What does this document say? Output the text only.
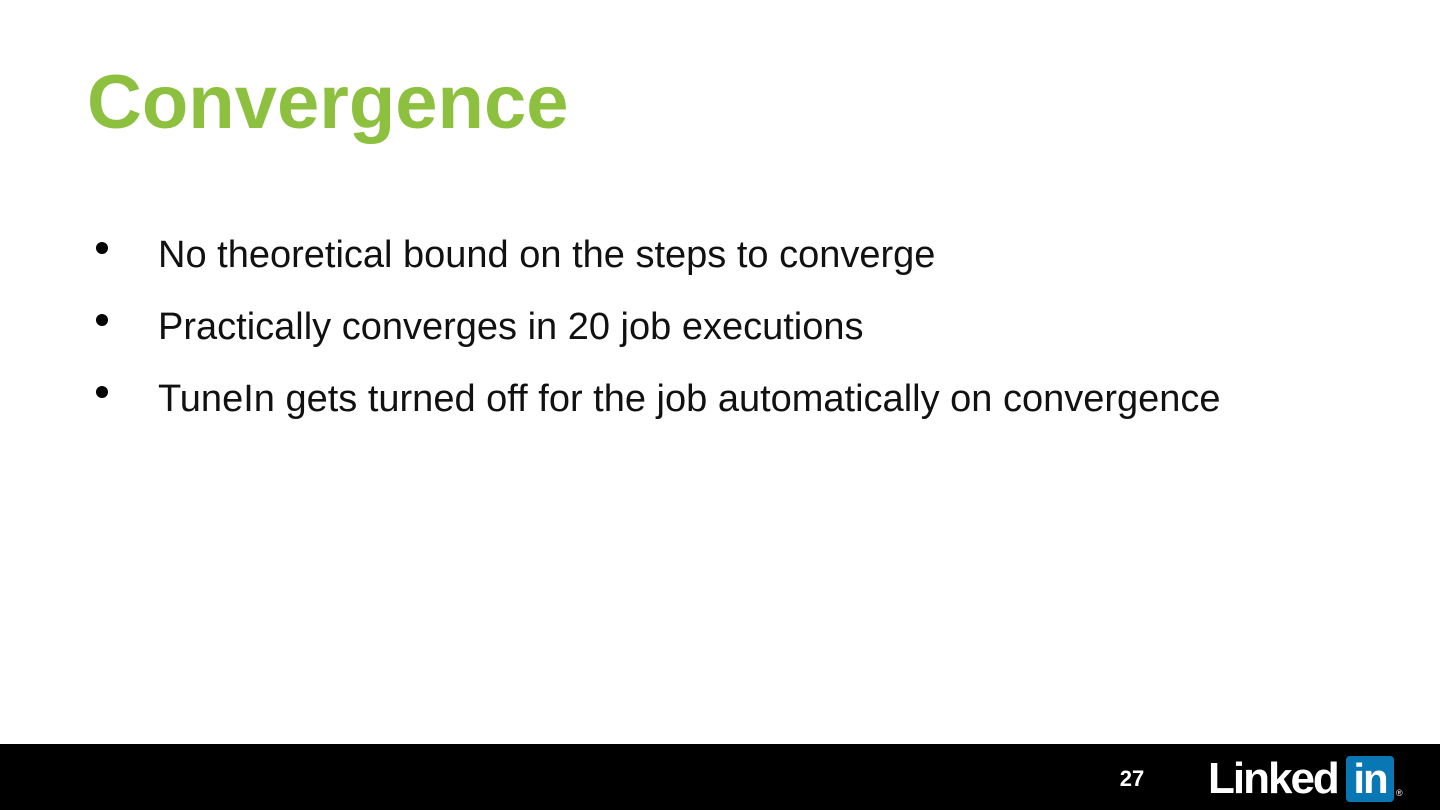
Convergence
No theoretical bound on the steps to converge
Practically converges in 20 job executions
TuneIn gets turned off for the job automatically on convergence
27 Linked in	®
